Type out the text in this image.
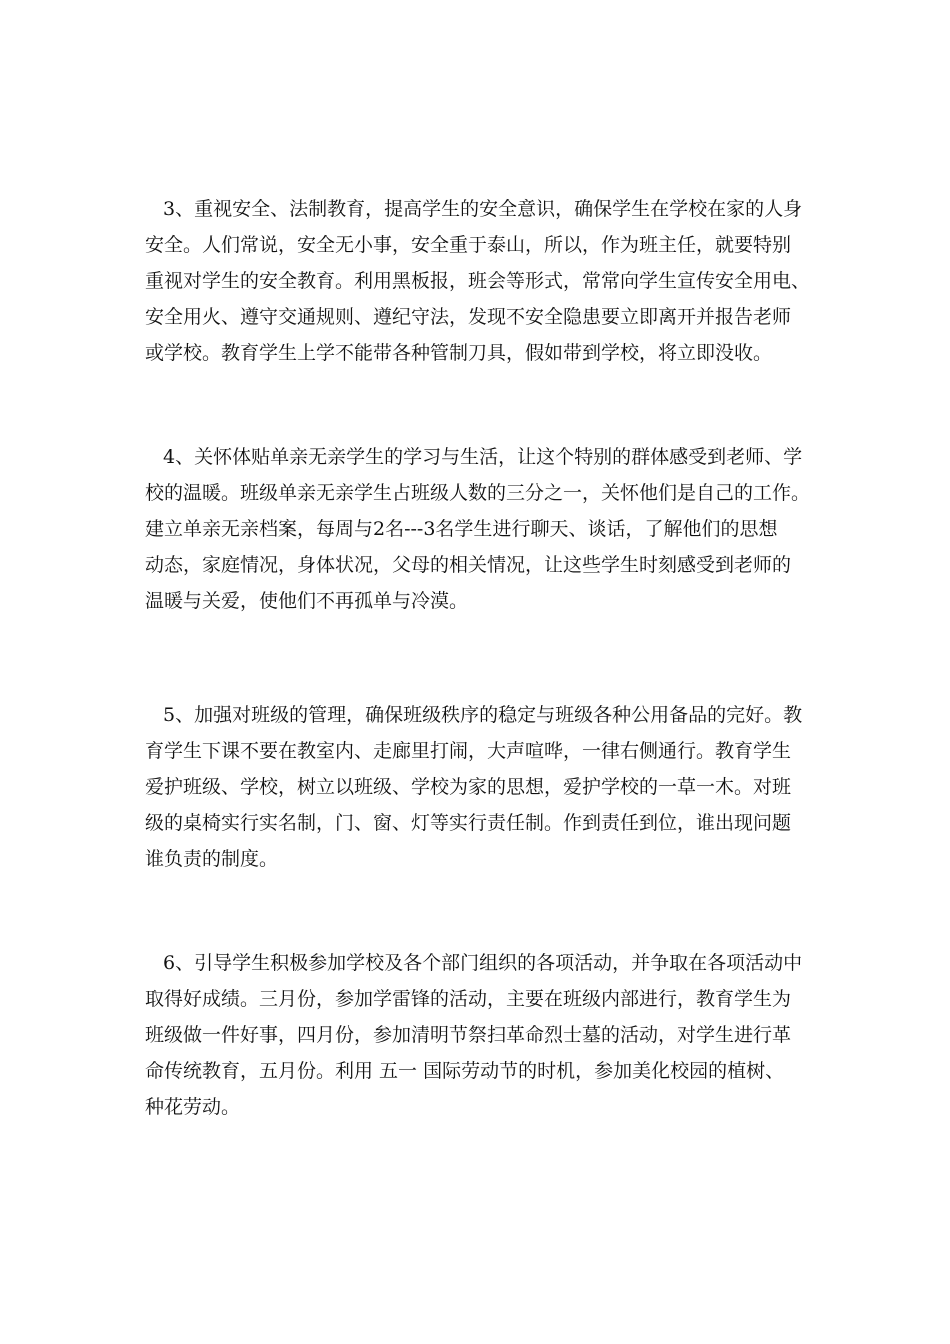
3、重视安全、法制教育，提高学生的安全意识，确保学生在学校在家的人身
安全。人们常说，安全无小事，安全重于泰山，所以，作为班主任，就要特别
重视对学生的安全教育。利用黑板报，班会等形式，常常向学生宣传安全用电、
安全用火、遵守交通规则、遵纪守法，发现不安全隐患要立即离开并报告老师
或学校。教育学生上学不能带各种管制刀具，假如带到学校，将立即没收。
4、关怀体贴单亲无亲学生的学习与生活，让这个特别的群体感受到老师、学
校的温暖。班级单亲无亲学生占班级人数的三分之一，关怀他们是自己的工作。
建立单亲无亲档案，每周与2名---3名学生进行聊天、谈话，了解他们的思想
动态，家庭情况，身体状况，父母的相关情况，让这些学生时刻感受到老师的
温暖与关爱，使他们不再孤单与冷漠。
5、加强对班级的管理，确保班级秩序的稳定与班级各种公用备品的完好。教
育学生下课不要在教室内、走廊里打闹，大声喧哗，一律右侧通行。教育学生
爱护班级、学校，树立以班级、学校为家的思想，爱护学校的一草一木。对班
级的桌椅实行实名制，门、窗、灯等实行责任制。作到责任到位，谁出现问题
谁负责的制度。
6、引导学生积极参加学校及各个部门组织的各项活动，并争取在各项活动中
取得好成绩。三月份，参加学雷锋的活动，主要在班级内部进行，教育学生为
班级做一件好事，四月份，参加清明节祭扫革命烈士墓的活动，对学生进行革
命传统教育，五月份。利用 五一 国际劳动节的时机，参加美化校园的植树、
种花劳动。
